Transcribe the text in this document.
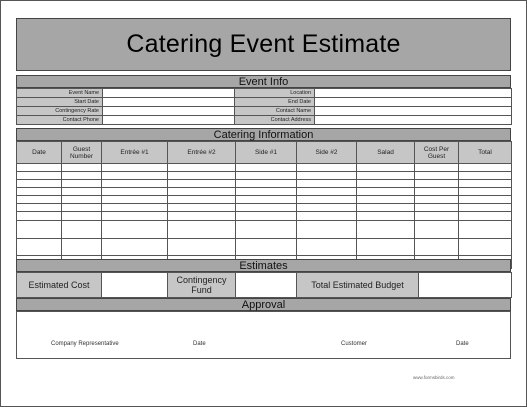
Catering Event Estimate
Event Info
Event Name		Location	
Start Date		End Date	
Contingency Rate		Contact Name	
Contact Phone		Contact Address	
Catering Information
Date	Guest Number	Entrée #1	Entrée #2	Side #1	Side #2	Salad	Cost Per Guest	Total

Estimates
Estimated Cost		Contingency Fund		Total Estimated Budget	
Approval
Company Representative	Date	Customer	Date
www.formsbirds.com
